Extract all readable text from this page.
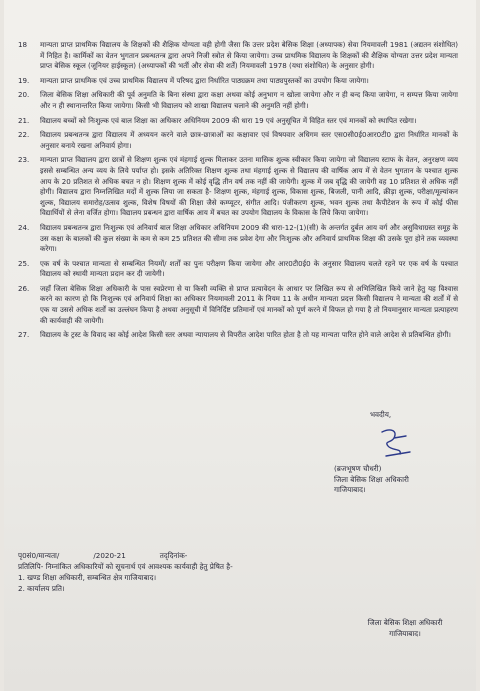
18	मान्यता प्राप्त प्राथमिक विद्यालय के शिक्षकों की शैक्षिक योग्यता वही होगी जैसा कि उत्तर प्रदेश बेसिक शिक्षा (अध्यापक) सेवा नियमावली 1981 (अद्यतन संशोधित) में निहित है। कार्मिकों का वेतन भुगतान प्रबन्धतन्त्र द्वारा अपने निजी स्त्रोत से किया जायेगा। उच्च प्राथमिक विद्यालय के शिक्षकों की शैक्षिक योग्यता उत्तर प्रदेश मान्यता प्राप्त बेसिक स्कूल (जूनियर हाईस्कूल) (अध्यापकों की भर्ती और सेवा की शर्तें) नियमावली 1978 (यथा संशोधित) के अनुसार होगी।
19.	मान्यता प्राप्त प्राथमिक एवं उच्च प्राथमिक विद्यालय में परिषद द्वारा निर्धारित पाठ्यक्रम तथा पाठ्यपुस्तकों का उपयोग किया जायेगा।
20.	जिला बेसिक शिक्षा अधिकारी की पूर्व अनुमति के बिना संस्था द्वारा कक्षा अथवा कोई अनुभाग न खोला जायेगा और न ही बन्द किया जायेगा, न सम्पत्त किया जायेगा और न ही स्थानान्तरित किया जायेगा। किसी भी विद्यालय को शाखा विद्यालय चलाने की अनुमति नहीं होगी।
21.	विद्यालय बच्चों को निःशुल्क एवं बाल शिक्षा का अधिकार अधिनियम 2009 की धारा 19 एवं अनुसूचित में विहित स्तर एवं मानकों को स्थापित रखेगा।
22.	विद्यालय प्रबन्धतन्त्र द्वारा विद्यालय में अध्ययन करने वाले छात्र-छात्राओं का कक्षावार एवं विषयवार अधिगम स्तर एस0सी0ई0आर0टी0 द्वारा निर्धारित मानकों के अनुसार बनाये रखना अनिवार्य होगा।
23.	मान्यता प्राप्त विद्यालय द्वारा छात्रों से शिक्षण शुल्क एवं मंहगाई शुल्क मिलाकर उतना मासिक शुल्क स्वीकार किया जायेगा जो विद्यालय स्टाफ के वेतन, अनुरक्षण व्यय इससे सम्बन्धित अन्य व्यय के लिये पर्याप्त हो। इसके अतिरिक्त शिक्षण शुल्क तथा मंहगाई शुल्क से विद्यालय की वार्षिक आय में से वेतन भुगतान के पश्चात शुल्क आय के 20 प्रतिशत से अधिक बचत न हो। शिक्षण शुल्क में कोई वृद्धि तीन वर्ष तक नहीं की जायेगी। शुल्क में जब वृद्धि की जायेगी वह 10 प्रतिशत से अधिक नहीं होगी। विद्यालय द्वारा निम्नलिखित मदों में शुल्क लिया जा सकता है- शिक्षण शुल्क, मंहगाई शुल्क, विकास शुल्क, बिजली, पानी आदि, क्रीड़ा शुल्क, परीक्षा/मूल्यांकन शुल्क, विद्यालय समारोह/उत्सव शुल्क, विशेष विषयों की शिक्षा जैसे कम्प्यूटर, संगीत आदि। पंजीकरण शुल्क, भवन शुल्क तथा कैपीटेशन के रूप में कोई फीस विद्यार्थियों से लेना वर्जित होगा। विद्यालय प्रबन्धन द्वारा वार्षिक आय में बचत का उपयोग विद्यालय के विकास के लिये किया जायेगा।
24.	विद्यालय प्रबन्धतन्त्र द्वारा निःशुल्क एवं अनिवार्य बाल शिक्षा अधिकार अधिनियम 2009 की धारा-12-(1)(सी) के अन्तर्गत दुर्बल आय वर्ग और असुविधाग्रस्त समूह के उस कक्षा के बालकों की कुल संख्या के कम से कम 25 प्रतिशत की सीमा तक प्रवेश देगा और निःशुल्क और अनिवार्य प्राथमिक शिक्षा की उसके पूरा होने तक व्यवस्था करेगा।
25.	एक वर्ष के पश्चात मान्यता से सम्बन्धित नियमों/ शर्तों का पुनः परीक्षण किया जायेगा और आर0टी0ई0 के अनुसार विद्यालय चलते रहने पर एक वर्ष के पश्चात विद्यालय को स्थायी मान्यता प्रदान कर दी जायेगी।
26.	जहाँ जिला बेसिक शिक्षा अधिकारी के पास स्वप्रेरणा से या किसी व्यक्ति से प्राप्त प्रत्यावेदन के आधार पर लिखित रूप से अभिलिखित किये जाने हेतु यह विश्वास करने का कारण हो कि निःशुल्क एवं अनिवार्य शिक्षा का अधिकार नियमावली 2011 के नियम 11 के अधीन मान्यता प्रदत्त किसी विद्यालय ने मान्यता की शर्तों में से एक या उससे अधिक शर्तों का उल्लंघन किया है अथवा अनुसूची में विनिर्दिष्ट प्रतिमानों एवं मानकों को पूर्ण करने में विफल हो गया है तो नियमानुसार मान्यता प्रत्याहरण की कार्यवाही की जायेगी।
27.	विद्यालय के ट्रस्ट के विवाद का कोई आदेश किसी स्तर अथवा न्यायालय से विपरीत आदेश पारित होता है तो यह मान्यता पारित होने वाले आदेश से प्रतिबन्धित होगी।
भवदीय,
(ब्रजभूषण चौधरी)
जिला बेसिक शिक्षा अधिकारी
गाजियाबाद।
पृ0सं0/मान्यता/	/2020-21	तद्‌दिनांक-
प्रतिलिपि- निम्नांकित अधिकारियों को सूचनार्थ एवं आवश्यक कार्यवाही हेतु प्रेषित है-
1. खण्ड शिक्षा अधिकारी, सम्बन्धित क्षेत्र गाजियाबाद।
2. कार्यालय प्रति।
जिला बेसिक शिक्षा अधिकारी
गाजियाबाद।
